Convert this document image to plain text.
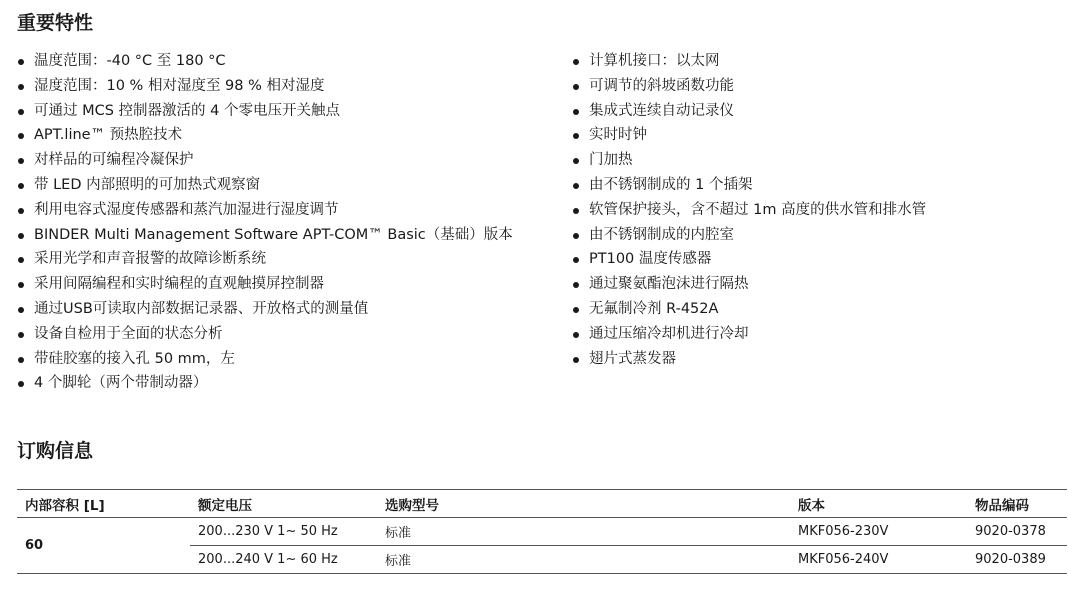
重要特性
温度范围：-40 °C 至 180 °C
湿度范围：10 % 相对湿度至 98 % 相对湿度
可通过 MCS 控制器激活的 4 个零电压开关触点
APT.line™ 预热腔技术
对样品的可编程冷凝保护
带 LED 内部照明的可加热式观察窗
利用电容式湿度传感器和蒸汽加湿进行湿度调节
BINDER Multi Management Software APT-COM™ Basic（基础）版本
采用光学和声音报警的故障诊断系统
采用间隔编程和实时编程的直观触摸屏控制器
通过USB可读取内部数据记录器、开放格式的测量值
设备自检用于全面的状态分析
带硅胶塞的接入孔 50 mm，左
4 个脚轮（两个带制动器）
计算机接口：以太网
可调节的斜坡函数功能
集成式连续自动记录仪
实时时钟
门加热
由不锈钢制成的 1 个插架
软管保护接头，含不超过 1m 高度的供水管和排水管
由不锈钢制成的内腔室
PT100 温度传感器
通过聚氨酯泡沫进行隔热
无氟制冷剂 R-452A
通过压缩冷却机进行冷却
翅片式蒸发器
订购信息
内部容积 [L]	额定电压	选购型号	版本	物品编码
60	200...230 V 1~ 50 Hz	标准	MKF056-230V	9020-0378
	200...240 V 1~ 60 Hz	标准	MKF056-240V	9020-0389
